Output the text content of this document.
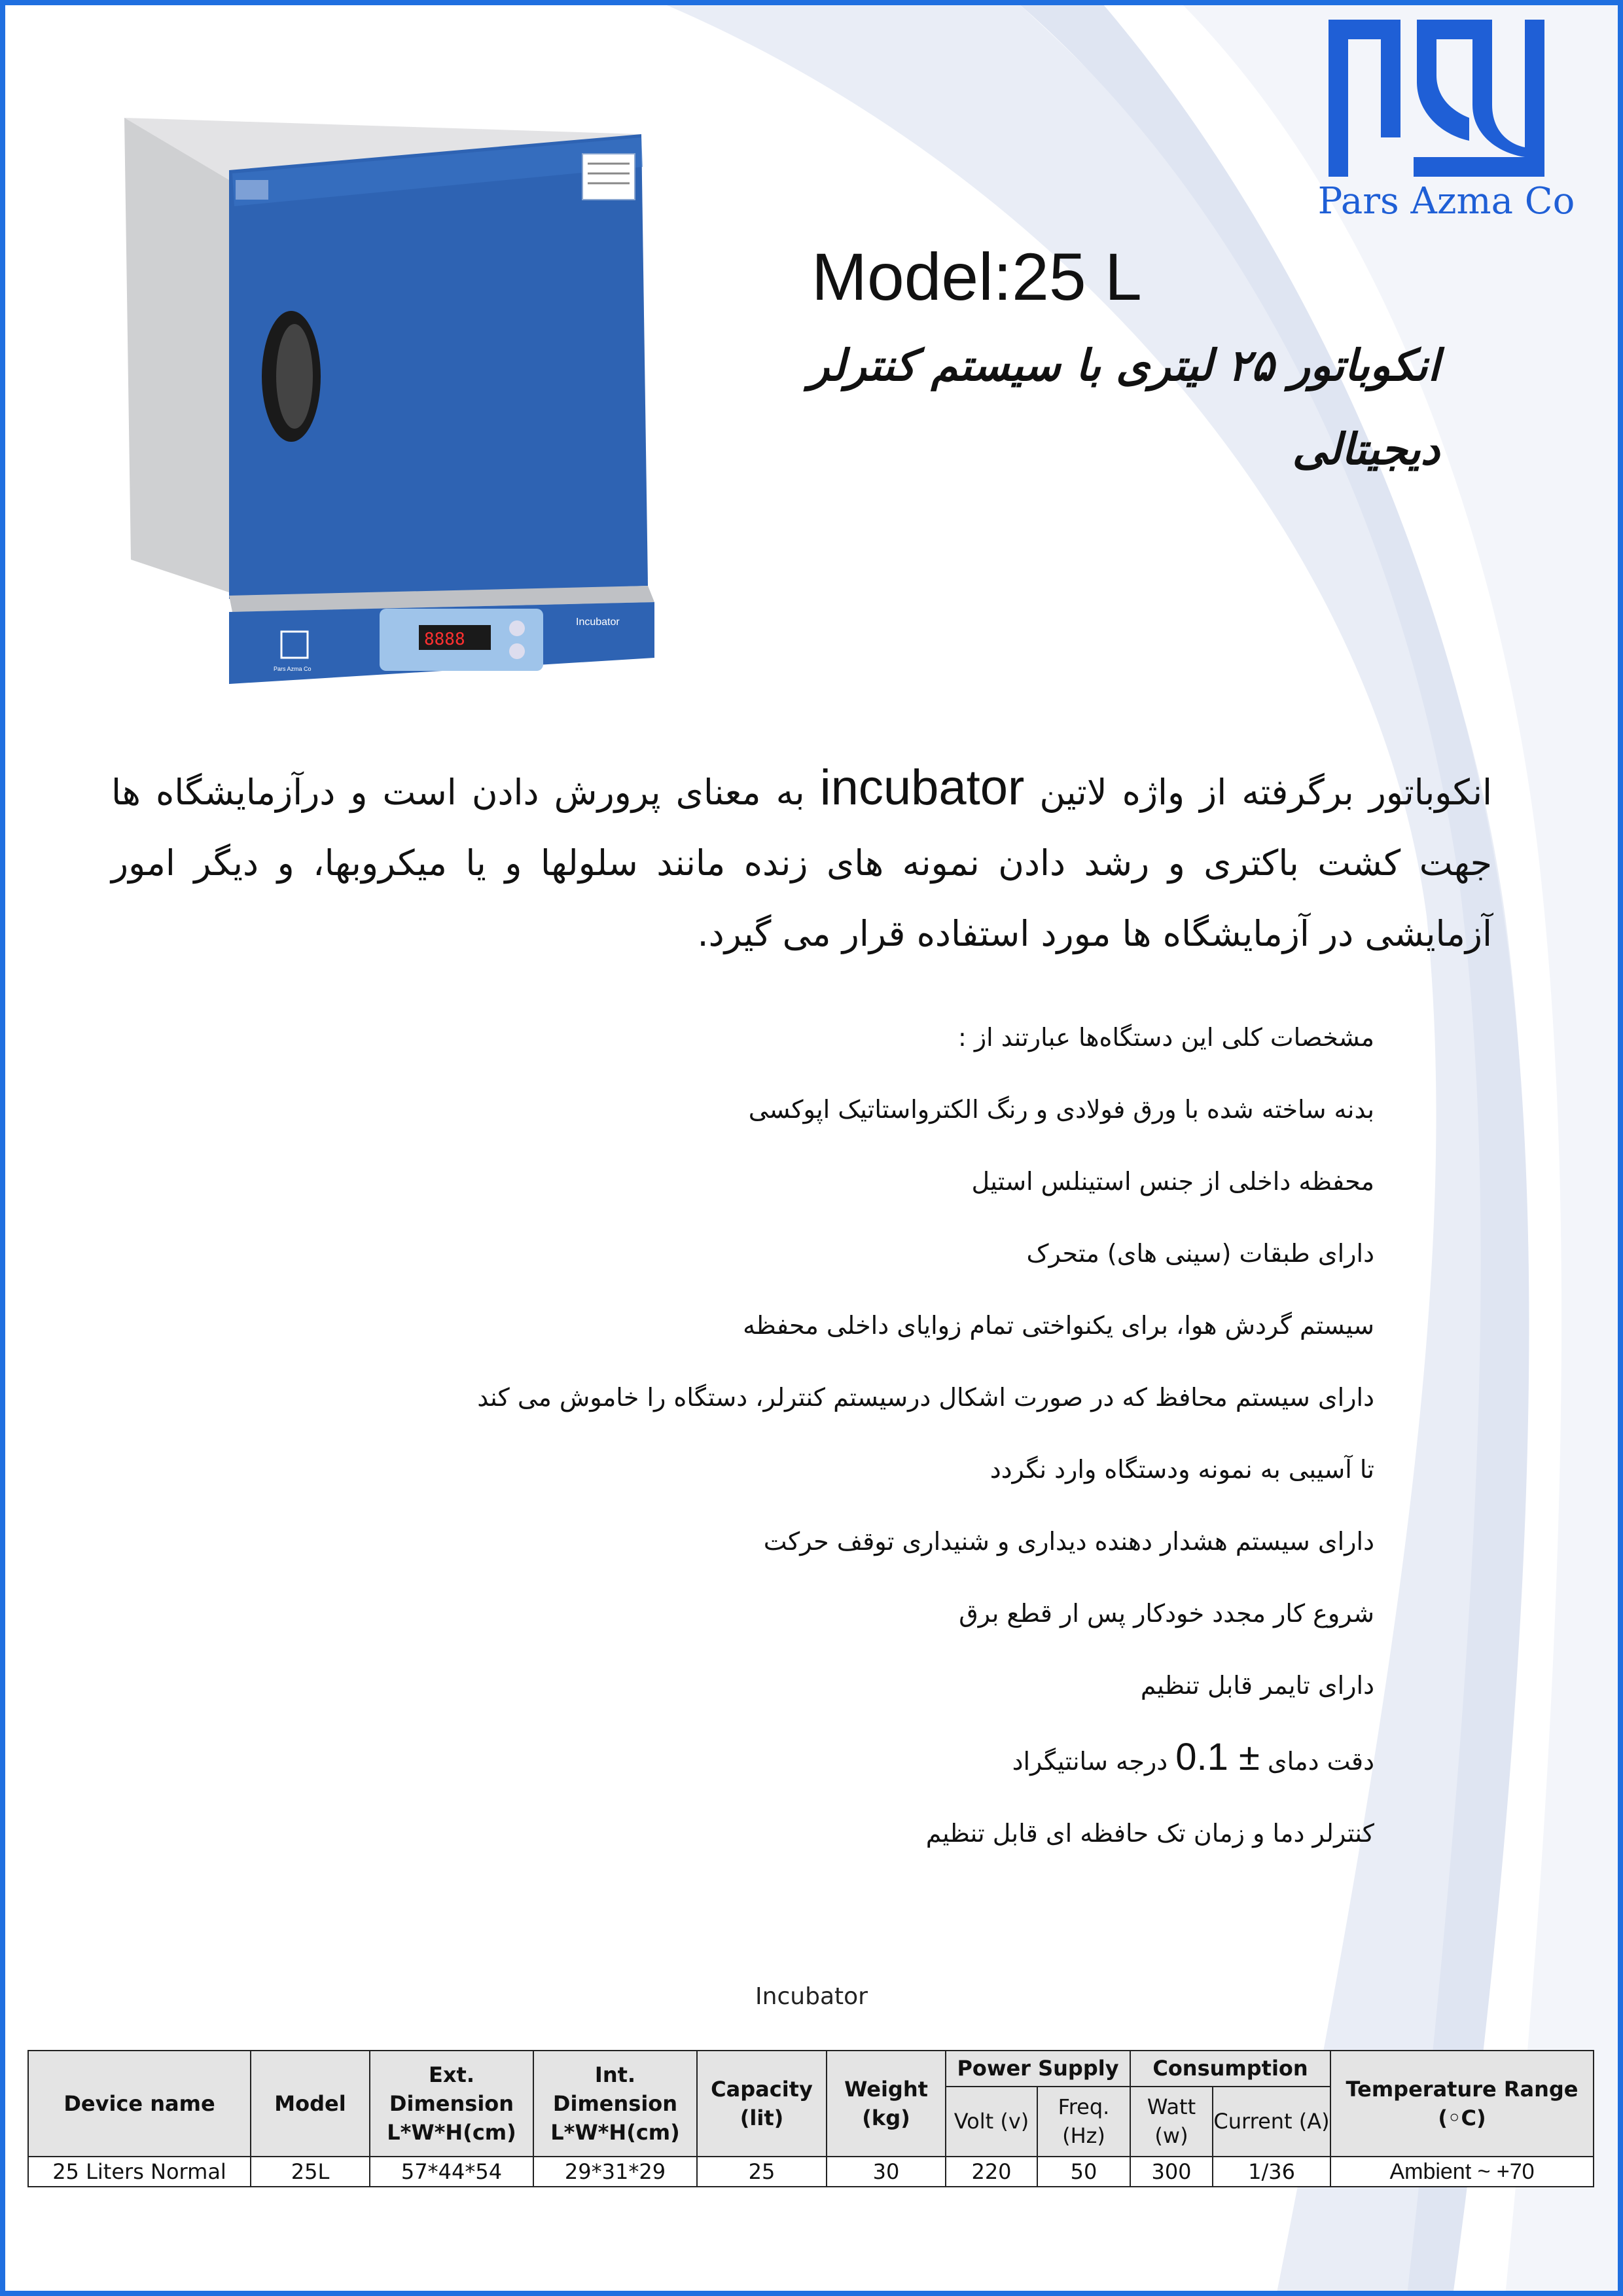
Pars Azma Co
8888
Incubator
Pars Azma Co
Model:25 L
انکوباتور ۲۵ لیتری با سیستم کنترلر دیجیتالی
انکوباتور برگرفته از واژه لاتین incubator به معنای پرورش دادن است و درآزمایشگاه ها جهت کشت باکتری و رشد دادن نمونه های زنده مانند سلولها و یا میکروبها، و دیگر امور آزمایشی در آزمایشگاه ها مورد استفاده قرار می گیرد.
مشخصات کلی این دستگاه‌ها عبارتند از :
بدنه ساخته شده با ورق فولادی و رنگ الکترواستاتیک اپوکسی
محفظه داخلی از جنس استینلس استیل
دارای طبقات (سینی های) متحرک
سیستم گردش هوا، برای یکنواختی تمام زوایای داخلی محفظه
دارای سیستم محافظ که در صورت اشکال درسیستم کنترلر، دستگاه را خاموش می کند
تا آسیبی به نمونه ودستگاه وارد نگردد
دارای سیستم هشدار دهنده دیداری و شنیداری توقف حرکت
شروع کار مجدد خودکار پس ار قطع برق
دارای تایمر قابل تنظیم
دقت دمای 0.1 ± درجه سانتیگراد
کنترلر دما و زمان تک حافظه ای قابل تنظیم
Incubator
Device name	Model	Ext. Dimension L*W*H(cm)	Int. Dimension L*W*H(cm)	Capacity (lit)	Weight (kg)	Power Supply		Consumption		Temperature Range (◦C)
						Volt (v)	Freq. (Hz)	Watt (w)	Current (A)	
25 Liters Normal	25L	57*44*54	29*31*29	25	30	220	50	300	1/36	Ambient ~ +70
